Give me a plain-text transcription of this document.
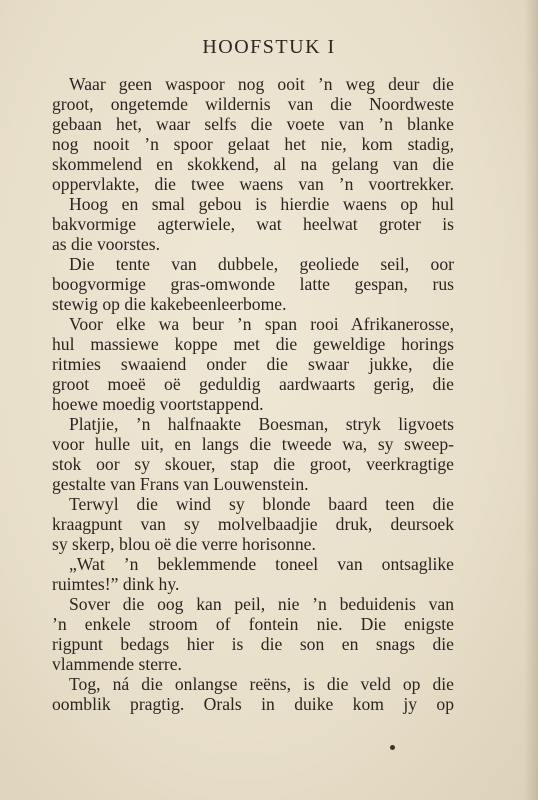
HOOFSTUK I

Waar geen waspoor nog ooit ’n weg deur die
groot, ongetemde wildernis van die Noordweste
gebaan het, waar selfs die voete van ’n blanke
nog nooit ’n spoor gelaat het nie, kom stadig,
skommelend en skokkend, al na gelang van die
oppervlakte, die twee waens van ’n voortrekker.

Hoog en smal gebou is hierdie waens op hul
bakvormige agterwiele, wat heelwat groter is
as die voorstes.

Die tente van dubbele, geoliede seil, oor
boogvormige gras-omwonde latte gespan, rus
stewig op die kakebeenleerbome.

Voor elke wa beur ’n span rooi Afrikanerosse,
hul massiewe koppe met die geweldige horings
ritmies swaaiend onder die swaar jukke, die
groot moeë oë geduldig aardwaarts gerig, die
hoewe moedig voortstappend.

Platjie, ’n halfnaakte Boesman, stryk ligvoets
voor hulle uit, en langs die tweede wa, sy sweep-
stok oor sy skouer, stap die groot, veerkragtige
gestalte van Frans van Louwenstein.

Terwyl die wind sy blonde baard teen die
kraagpunt van sy molvelbaadjie druk, deursoek
sy skerp, blou oë die verre horisonne.

„Wat ’n beklemmende toneel van ontsaglike
ruimtes!” dink hy.

Sover die oog kan peil, nie ’n beduidenis van
’n enkele stroom of fontein nie. Die enigste
rigpunt bedags hier is die son en snags die
vlammende sterre.

Tog, ná die onlangse reëns, is die veld op die
oomblik pragtig. Orals in duike kom jy op
